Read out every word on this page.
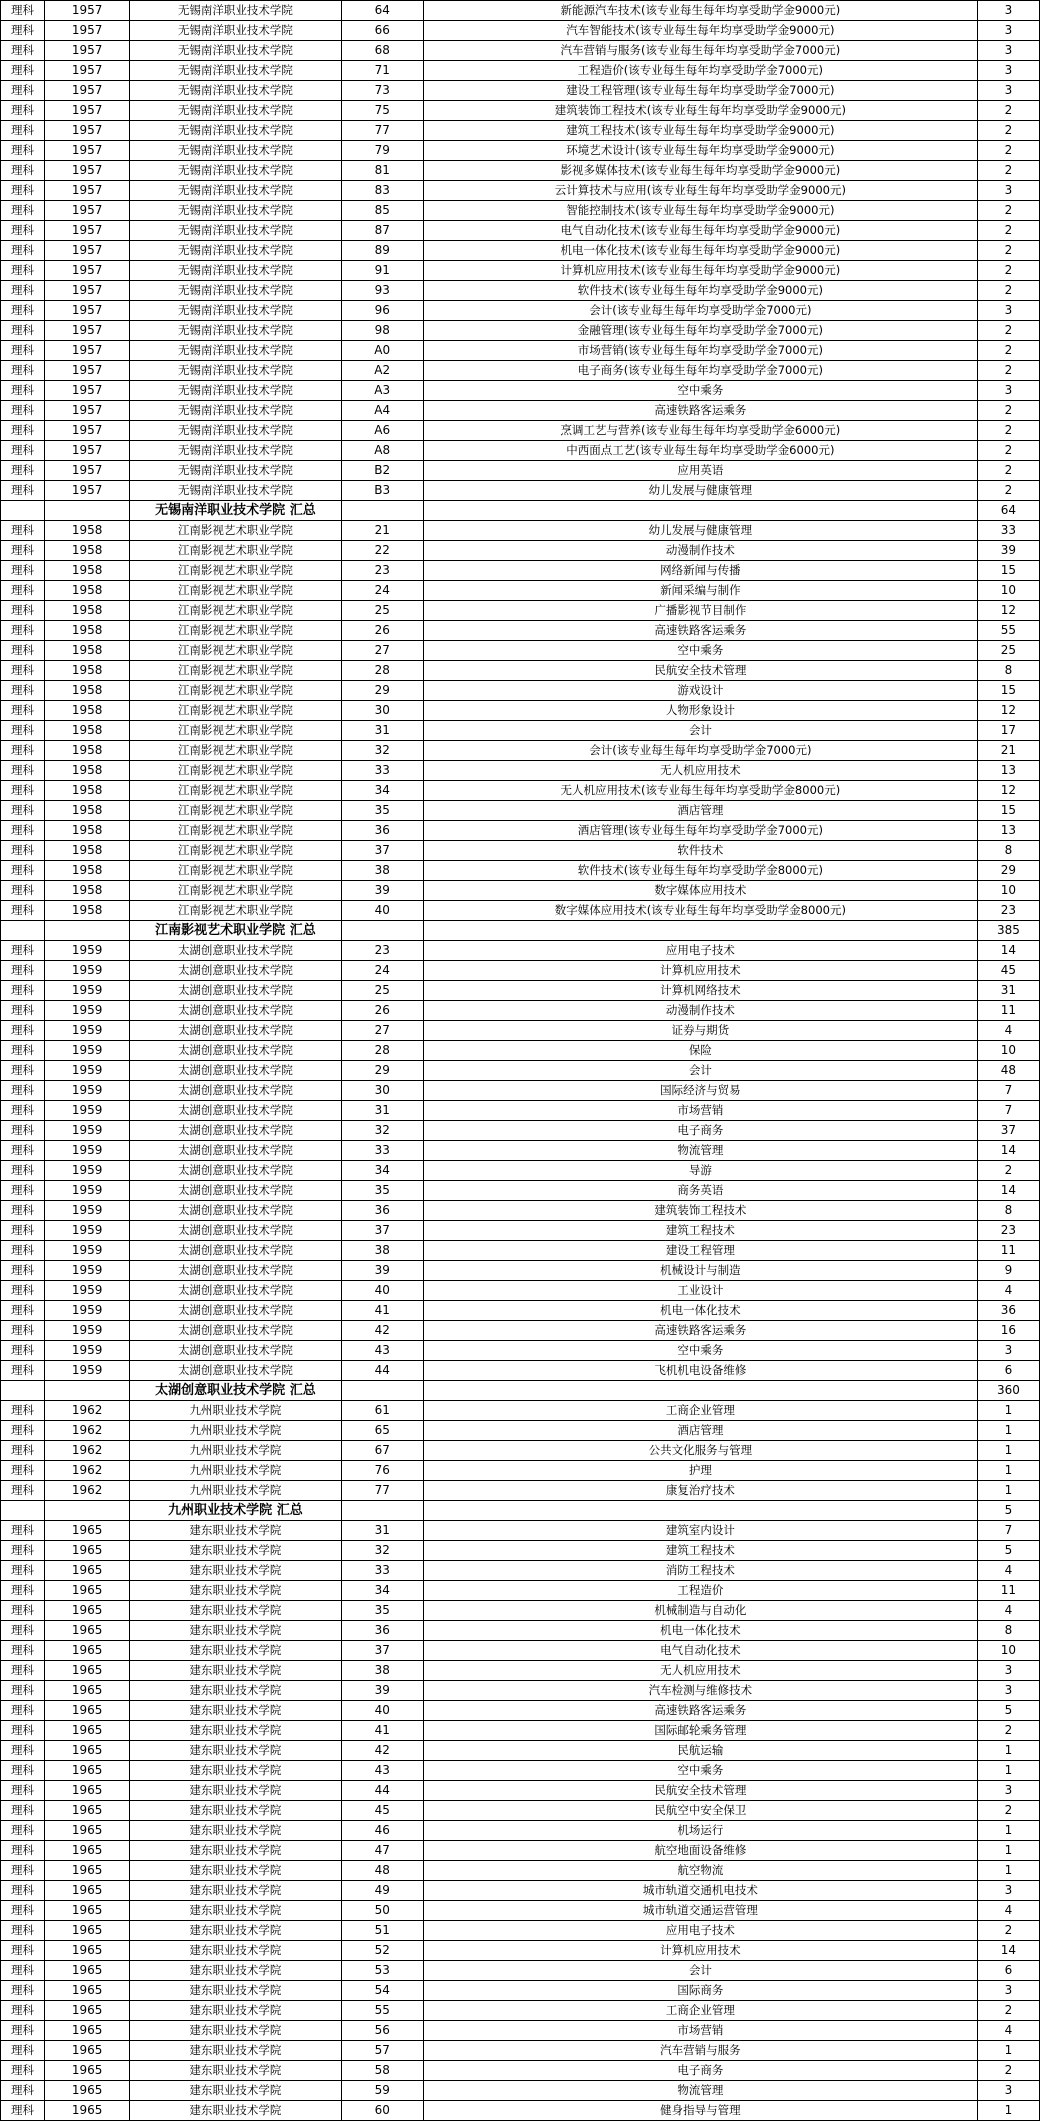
理科	1957	无锡南洋职业技术学院	64	新能源汽车技术(该专业每生每年均享受助学金9000元)	3
理科	1957	无锡南洋职业技术学院	66	汽车智能技术(该专业每生每年均享受助学金9000元)	3
理科	1957	无锡南洋职业技术学院	68	汽车营销与服务(该专业每生每年均享受助学金7000元)	3
理科	1957	无锡南洋职业技术学院	71	工程造价(该专业每生每年均享受助学金7000元)	3
理科	1957	无锡南洋职业技术学院	73	建设工程管理(该专业每生每年均享受助学金7000元)	3
理科	1957	无锡南洋职业技术学院	75	建筑装饰工程技术(该专业每生每年均享受助学金9000元)	2
理科	1957	无锡南洋职业技术学院	77	建筑工程技术(该专业每生每年均享受助学金9000元)	2
理科	1957	无锡南洋职业技术学院	79	环境艺术设计(该专业每生每年均享受助学金9000元)	2
理科	1957	无锡南洋职业技术学院	81	影视多媒体技术(该专业每生每年均享受助学金9000元)	2
理科	1957	无锡南洋职业技术学院	83	云计算技术与应用(该专业每生每年均享受助学金9000元)	3
理科	1957	无锡南洋职业技术学院	85	智能控制技术(该专业每生每年均享受助学金9000元)	2
理科	1957	无锡南洋职业技术学院	87	电气自动化技术(该专业每生每年均享受助学金9000元)	2
理科	1957	无锡南洋职业技术学院	89	机电一体化技术(该专业每生每年均享受助学金9000元)	2
理科	1957	无锡南洋职业技术学院	91	计算机应用技术(该专业每生每年均享受助学金9000元)	2
理科	1957	无锡南洋职业技术学院	93	软件技术(该专业每生每年均享受助学金9000元)	2
理科	1957	无锡南洋职业技术学院	96	会计(该专业每生每年均享受助学金7000元)	3
理科	1957	无锡南洋职业技术学院	98	金融管理(该专业每生每年均享受助学金7000元)	2
理科	1957	无锡南洋职业技术学院	A0	市场营销(该专业每生每年均享受助学金7000元)	2
理科	1957	无锡南洋职业技术学院	A2	电子商务(该专业每生每年均享受助学金7000元)	2
理科	1957	无锡南洋职业技术学院	A3	空中乘务	3
理科	1957	无锡南洋职业技术学院	A4	高速铁路客运乘务	2
理科	1957	无锡南洋职业技术学院	A6	烹调工艺与营养(该专业每生每年均享受助学金6000元)	2
理科	1957	无锡南洋职业技术学院	A8	中西面点工艺(该专业每生每年均享受助学金6000元)	2
理科	1957	无锡南洋职业技术学院	B2	应用英语	2
理科	1957	无锡南洋职业技术学院	B3	幼儿发展与健康管理	2
		无锡南洋职业技术学院 汇总			64
理科	1958	江南影视艺术职业学院	21	幼儿发展与健康管理	33
理科	1958	江南影视艺术职业学院	22	动漫制作技术	39
理科	1958	江南影视艺术职业学院	23	网络新闻与传播	15
理科	1958	江南影视艺术职业学院	24	新闻采编与制作	10
理科	1958	江南影视艺术职业学院	25	广播影视节目制作	12
理科	1958	江南影视艺术职业学院	26	高速铁路客运乘务	55
理科	1958	江南影视艺术职业学院	27	空中乘务	25
理科	1958	江南影视艺术职业学院	28	民航安全技术管理	8
理科	1958	江南影视艺术职业学院	29	游戏设计	15
理科	1958	江南影视艺术职业学院	30	人物形象设计	12
理科	1958	江南影视艺术职业学院	31	会计	17
理科	1958	江南影视艺术职业学院	32	会计(该专业每生每年均享受助学金7000元)	21
理科	1958	江南影视艺术职业学院	33	无人机应用技术	13
理科	1958	江南影视艺术职业学院	34	无人机应用技术(该专业每生每年均享受助学金8000元)	12
理科	1958	江南影视艺术职业学院	35	酒店管理	15
理科	1958	江南影视艺术职业学院	36	酒店管理(该专业每生每年均享受助学金7000元)	13
理科	1958	江南影视艺术职业学院	37	软件技术	8
理科	1958	江南影视艺术职业学院	38	软件技术(该专业每生每年均享受助学金8000元)	29
理科	1958	江南影视艺术职业学院	39	数字媒体应用技术	10
理科	1958	江南影视艺术职业学院	40	数字媒体应用技术(该专业每生每年均享受助学金8000元)	23
		江南影视艺术职业学院 汇总			385
理科	1959	太湖创意职业技术学院	23	应用电子技术	14
理科	1959	太湖创意职业技术学院	24	计算机应用技术	45
理科	1959	太湖创意职业技术学院	25	计算机网络技术	31
理科	1959	太湖创意职业技术学院	26	动漫制作技术	11
理科	1959	太湖创意职业技术学院	27	证券与期货	4
理科	1959	太湖创意职业技术学院	28	保险	10
理科	1959	太湖创意职业技术学院	29	会计	48
理科	1959	太湖创意职业技术学院	30	国际经济与贸易	7
理科	1959	太湖创意职业技术学院	31	市场营销	7
理科	1959	太湖创意职业技术学院	32	电子商务	37
理科	1959	太湖创意职业技术学院	33	物流管理	14
理科	1959	太湖创意职业技术学院	34	导游	2
理科	1959	太湖创意职业技术学院	35	商务英语	14
理科	1959	太湖创意职业技术学院	36	建筑装饰工程技术	8
理科	1959	太湖创意职业技术学院	37	建筑工程技术	23
理科	1959	太湖创意职业技术学院	38	建设工程管理	11
理科	1959	太湖创意职业技术学院	39	机械设计与制造	9
理科	1959	太湖创意职业技术学院	40	工业设计	4
理科	1959	太湖创意职业技术学院	41	机电一体化技术	36
理科	1959	太湖创意职业技术学院	42	高速铁路客运乘务	16
理科	1959	太湖创意职业技术学院	43	空中乘务	3
理科	1959	太湖创意职业技术学院	44	飞机机电设备维修	6
		太湖创意职业技术学院 汇总			360
理科	1962	九州职业技术学院	61	工商企业管理	1
理科	1962	九州职业技术学院	65	酒店管理	1
理科	1962	九州职业技术学院	67	公共文化服务与管理	1
理科	1962	九州职业技术学院	76	护理	1
理科	1962	九州职业技术学院	77	康复治疗技术	1
		九州职业技术学院 汇总			5
理科	1965	建东职业技术学院	31	建筑室内设计	7
理科	1965	建东职业技术学院	32	建筑工程技术	5
理科	1965	建东职业技术学院	33	消防工程技术	4
理科	1965	建东职业技术学院	34	工程造价	11
理科	1965	建东职业技术学院	35	机械制造与自动化	4
理科	1965	建东职业技术学院	36	机电一体化技术	8
理科	1965	建东职业技术学院	37	电气自动化技术	10
理科	1965	建东职业技术学院	38	无人机应用技术	3
理科	1965	建东职业技术学院	39	汽车检测与维修技术	3
理科	1965	建东职业技术学院	40	高速铁路客运乘务	5
理科	1965	建东职业技术学院	41	国际邮轮乘务管理	2
理科	1965	建东职业技术学院	42	民航运输	1
理科	1965	建东职业技术学院	43	空中乘务	1
理科	1965	建东职业技术学院	44	民航安全技术管理	3
理科	1965	建东职业技术学院	45	民航空中安全保卫	2
理科	1965	建东职业技术学院	46	机场运行	1
理科	1965	建东职业技术学院	47	航空地面设备维修	1
理科	1965	建东职业技术学院	48	航空物流	1
理科	1965	建东职业技术学院	49	城市轨道交通机电技术	3
理科	1965	建东职业技术学院	50	城市轨道交通运营管理	4
理科	1965	建东职业技术学院	51	应用电子技术	2
理科	1965	建东职业技术学院	52	计算机应用技术	14
理科	1965	建东职业技术学院	53	会计	6
理科	1965	建东职业技术学院	54	国际商务	3
理科	1965	建东职业技术学院	55	工商企业管理	2
理科	1965	建东职业技术学院	56	市场营销	4
理科	1965	建东职业技术学院	57	汽车营销与服务	1
理科	1965	建东职业技术学院	58	电子商务	2
理科	1965	建东职业技术学院	59	物流管理	3
理科	1965	建东职业技术学院	60	健身指导与管理	1
